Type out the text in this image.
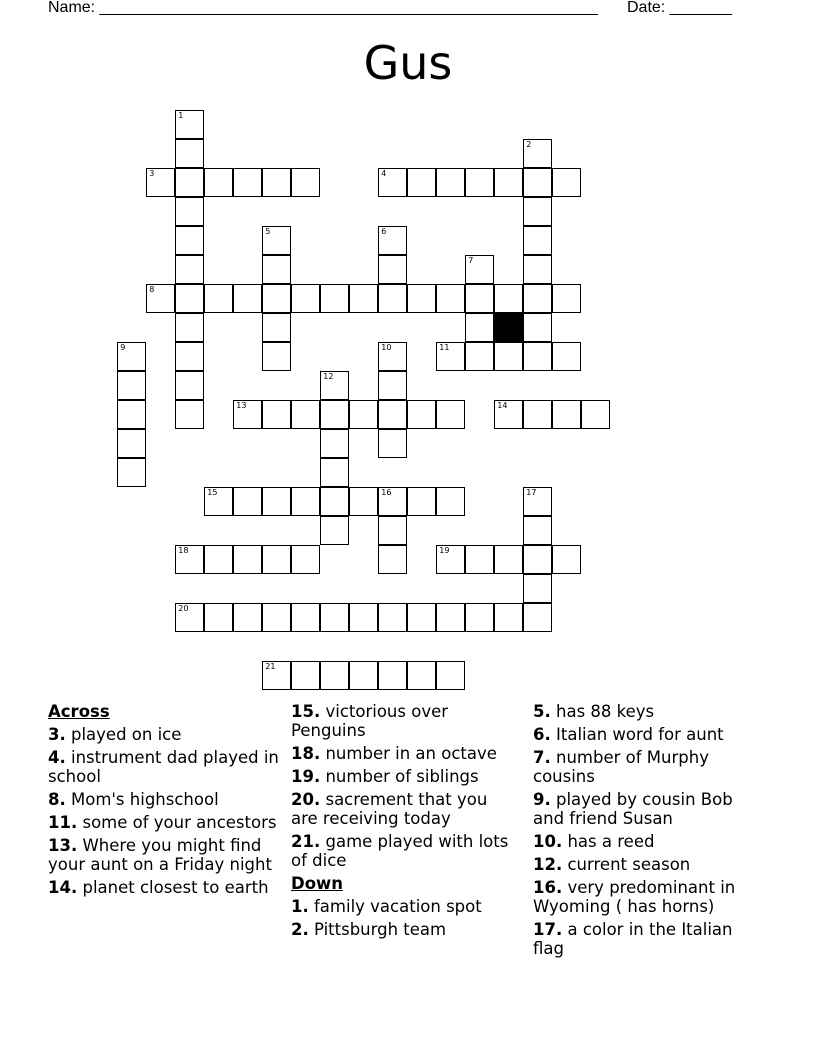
Name: ________________________________________________________ Date: _______
Gus
1
3	4
2
5	6
7
8
9	10	11
12
13	14
15	16	17
18	19
20
21
Across
3. played on ice
4. instrument dad played in school
8. Mom's highschool
11. some of your ancestors
13. Where you might find your aunt on a Friday night
14. planet closest to earth
15. victorious over Penguins
18. number in an octave
19. number of siblings
20. sacrement that you are receiving today
21. game played with lots of dice
Down
1. family vacation spot
2. Pittsburgh team
5. has 88 keys
6. Italian word for aunt
7. number of Murphy cousins
9. played by cousin Bob and friend Susan
10. has a reed
12. current season
16. very predominant in Wyoming ( has horns)
17. a color in the Italian flag
